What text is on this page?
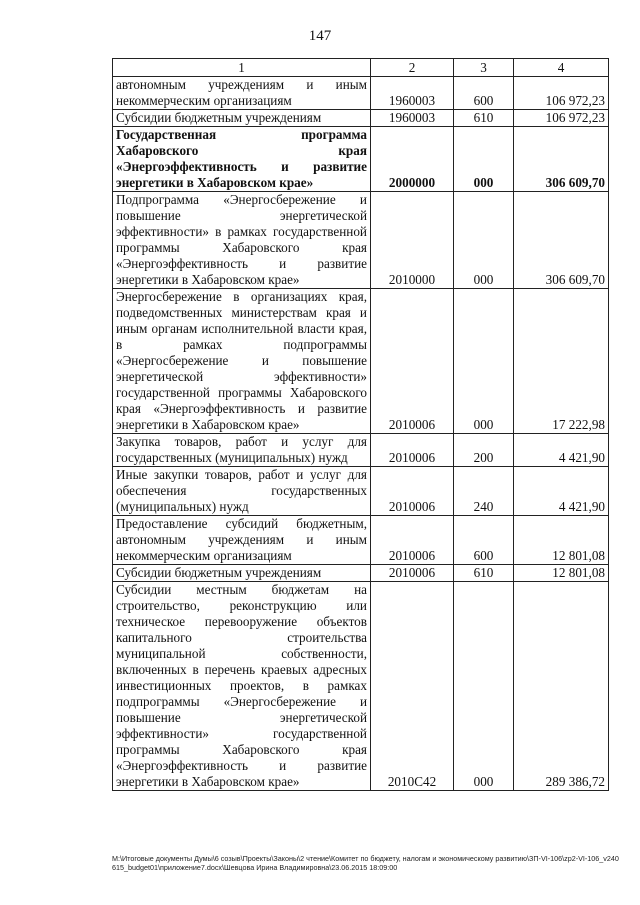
147
1	2	3	4
автономным учреждениям и иным некоммерческим организациям	1960003	600	106 972,23
Субсидии бюджетным учреждениям	1960003	610	106 972,23
Государственная программа Хабаровского края «Энергоэффективность и развитие энергетики в Хабаровском крае»	2000000	000	306 609,70
Подпрограмма «Энергосбережение и повышение энергетической эффективности» в рамках государственной программы Хабаровского края «Энергоэффективность и развитие энергетики в Хабаровском крае»	2010000	000	306 609,70
Энергосбережение в организациях края, подведомственных министерствам края и иным органам исполнительной власти края, в рамках подпрограммы «Энергосбережение и повышение энергетической эффективности» государственной программы Хабаровского края «Энергоэффективность и развитие энергетики в Хабаровском крае»	2010006	000	17 222,98
Закупка товаров, работ и услуг для государственных (муниципальных) нужд	2010006	200	4 421,90
Иные закупки товаров, работ и услуг для обеспечения государственных (муниципальных) нужд	2010006	240	4 421,90
Предоставление субсидий бюджетным, автономным учреждениям и иным некоммерческим организациям	2010006	600	12 801,08
Субсидии бюджетным учреждениям	2010006	610	12 801,08
Субсидии местным бюджетам на строительство, реконструкцию или техническое перевооружение объектов капитального строительства муниципальной собственности, включенных в перечень краевых адресных инвестиционных проектов, в рамках подпрограммы «Энергосбережение и повышение энергетической эффективности» государственной программы Хабаровского края «Энергоэффективность и развитие энергетики в Хабаровском крае»	2010С42	000	289 386,72
M:\Итоговые документы Думы\6 созыв\Проекты\Законы\2 чтение\Комитет по бюджету, налогам и экономическому развитию\ЗП-VI-106\zp2-VI-106_v240615_budget01\приложение7.docx\Шевцова Ирина Владимировна\23.06.2015 18:09:00
